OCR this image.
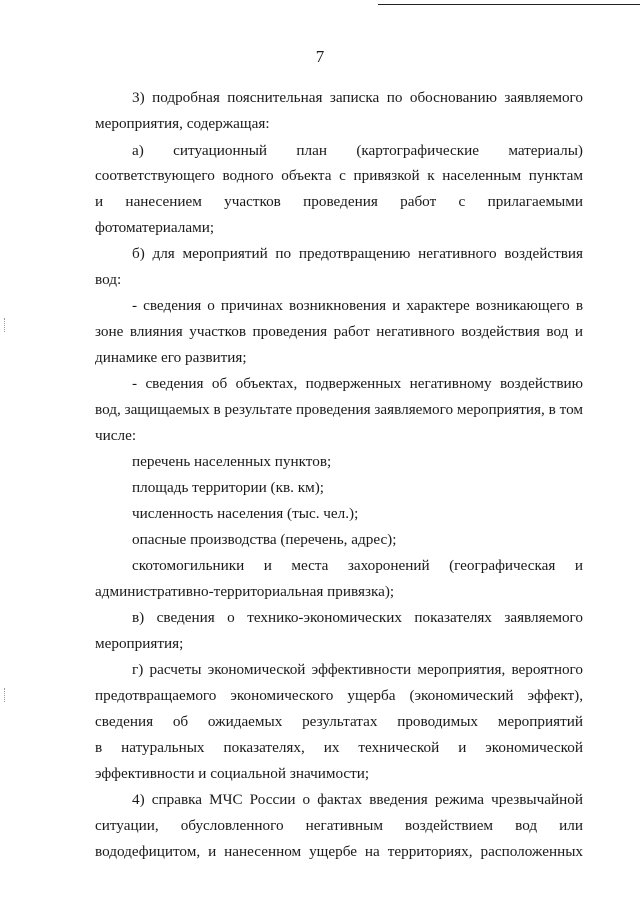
7
3) подробная пояснительная записка по обоснованию заявляемого
мероприятия, содержащая:
а) ситуационный план (картографические материалы)
соответствующего водного объекта с привязкой к населенным пунктам
и нанесением участков проведения работ с прилагаемыми
фотоматериалами;
б) для мероприятий по предотвращению негативного воздействия
вод:
- сведения о причинах возникновения и характере возникающего в
зоне влияния участков проведения работ негативного воздействия вод и
динамике его развития;
- сведения об объектах, подверженных негативному воздействию
вод, защищаемых в результате проведения заявляемого мероприятия, в том
числе:
перечень населенных пунктов;
площадь территории (кв. км);
численность населения (тыс. чел.);
опасные производства (перечень, адрес);
скотомогильники и места захоронений (географическая и
административно-территориальная привязка);
в) сведения о технико-экономических показателях заявляемого
мероприятия;
г) расчеты экономической эффективности мероприятия, вероятного
предотвращаемого экономического ущерба (экономический эффект),
сведения об ожидаемых результатах проводимых мероприятий
в натуральных показателях, их технической и экономической
эффективности и социальной значимости;
4) справка МЧС России о фактах введения режима чрезвычайной
ситуации, обусловленного негативным воздействием вод или
вододефицитом, и нанесенном ущербе на территориях, расположенных
